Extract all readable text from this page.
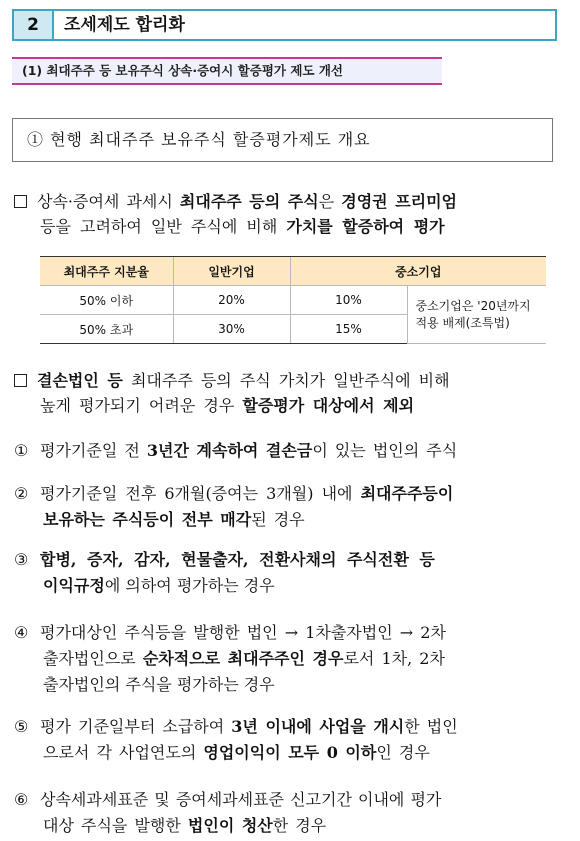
2	조세제도 합리화
(1) 최대주주 등 보유주식 상속·증여시 할증평가 제도 개선
① 현행 최대주주 보유주식 할증평가제도 개요
상속·증여세 과세시 최대주주 등의 주식은 경영권 프리미엄
등을 고려하여 일반 주식에 비해 가치를 할증하여 평가
최대주주 지분율	일반기업	중소기업	
50% 이하	20%	10%	중소기업은 '20년까지
적용 배제(조특법)

50% 초과	30%	15%	
결손법인 등 최대주주 등의 주식 가치가 일반주식에 비해
높게 평가되기 어려운 경우 할증평가 대상에서 제외
① 평가기준일 전 3년간 계속하여 결손금이 있는 법인의 주식
② 평가기준일 전후 6개월(증여는 3개월) 내에 최대주주등이
보유하는 주식등이 전부 매각된 경우
③ 합병, 증자, 감자, 현물출자, 전환사채의 주식전환 등
이익규정에 의하여 평가하는 경우
④ 평가대상인 주식등을 발행한 법인 → 1차출자법인 → 2차
출자법인으로 순차적으로 최대주주인 경우로서 1차, 2차
출자법인의 주식을 평가하는 경우
⑤ 평가 기준일부터 소급하여 3년 이내에 사업을 개시한 법인
으로서 각 사업연도의 영업이익이 모두 0 이하인 경우
⑥ 상속세과세표준 및 증여세과세표준 신고기간 이내에 평가
대상 주식을 발행한 법인이 청산한 경우
